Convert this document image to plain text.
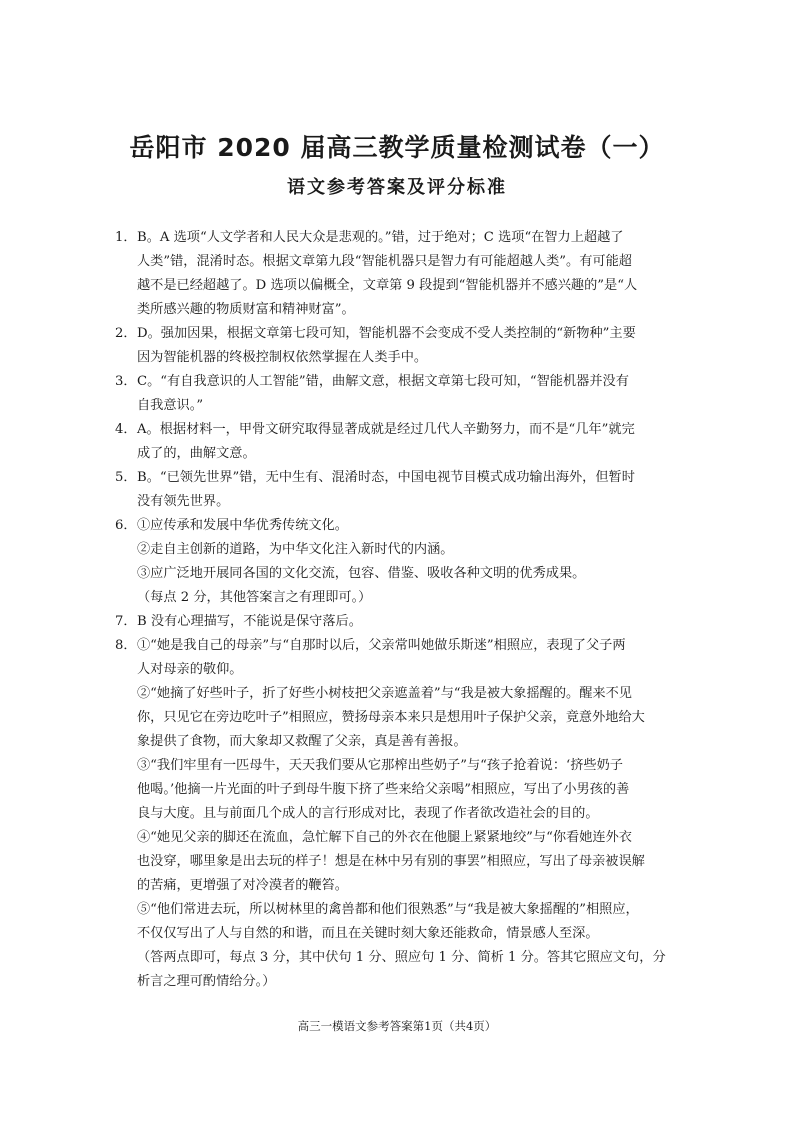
岳阳市 2020 届高三教学质量检测试卷（一）
语文参考答案及评分标准
1． B。A 选项“人文学者和人民大众是悲观的。”错，过于绝对；C 选项“在智力上超越了
人类”错，混淆时态。根据文章第九段“智能机器只是智力有可能超越人类”。有可能超
越不是已经超越了。D 选项以偏概全，文章第 9 段提到“智能机器并不感兴趣的”是“人
类所感兴趣的物质财富和精神财富”。
2． D。强加因果，根据文章第七段可知，智能机器不会变成不受人类控制的“新物种”主要
因为智能机器的终极控制权依然掌握在人类手中。
3． C。“有自我意识的人工智能”错，曲解文意，根据文章第七段可知，“智能机器并没有
自我意识。”
4． A。根据材料一，甲骨文研究取得显著成就是经过几代人辛勤努力，而不是“几年”就完
成了的，曲解文意。
5． B。“已领先世界”错，无中生有、混淆时态，中国电视节目模式成功输出海外，但暂时
没有领先世界。
6． ①应传承和发展中华优秀传统文化。
②走自主创新的道路，为中华文化注入新时代的内涵。
③应广泛地开展同各国的文化交流，包容、借鉴、吸收各种文明的优秀成果。
（每点 2 分，其他答案言之有理即可。）
7． B 没有心理描写，不能说是保守落后。
8． ①“她是我自己的母亲”与“自那时以后，父亲常叫她做乐斯迷”相照应，表现了父子两
人对母亲的敬仰。
②“她摘了好些叶子，折了好些小树枝把父亲遮盖着”与“我是被大象摇醒的。醒来不见
你，只见它在旁边吃叶子”相照应，赞扬母亲本来只是想用叶子保护父亲，竟意外地给大
象提供了食物，而大象却又救醒了父亲，真是善有善报。
③“我们牢里有一匹母牛，天天我们要从它那榨出些奶子”与“孩子抢着说：‘挤些奶子
他喝。’他摘一片光面的叶子到母牛腹下挤了些来给父亲喝”相照应，写出了小男孩的善
良与大度。且与前面几个成人的言行形成对比，表现了作者欲改造社会的目的。
④“她见父亲的脚还在流血，急忙解下自己的外衣在他腿上紧紧地绞”与“你看她连外衣
也没穿，哪里象是出去玩的样子！想是在林中另有别的事罢”相照应，写出了母亲被误解
的苦痛，更增强了对冷漠者的鞭笞。
⑤“他们常进去玩，所以树林里的禽兽都和他们很熟悉”与“我是被大象摇醒的”相照应，
不仅仅写出了人与自然的和谐，而且在关键时刻大象还能救命，情景感人至深。
（答两点即可，每点 3 分，其中伏句 1 分、照应句 1 分、简析 1 分。答其它照应文句，分
析言之理可酌情给分。）
高三一模语文参考答案第1页（共4页）
